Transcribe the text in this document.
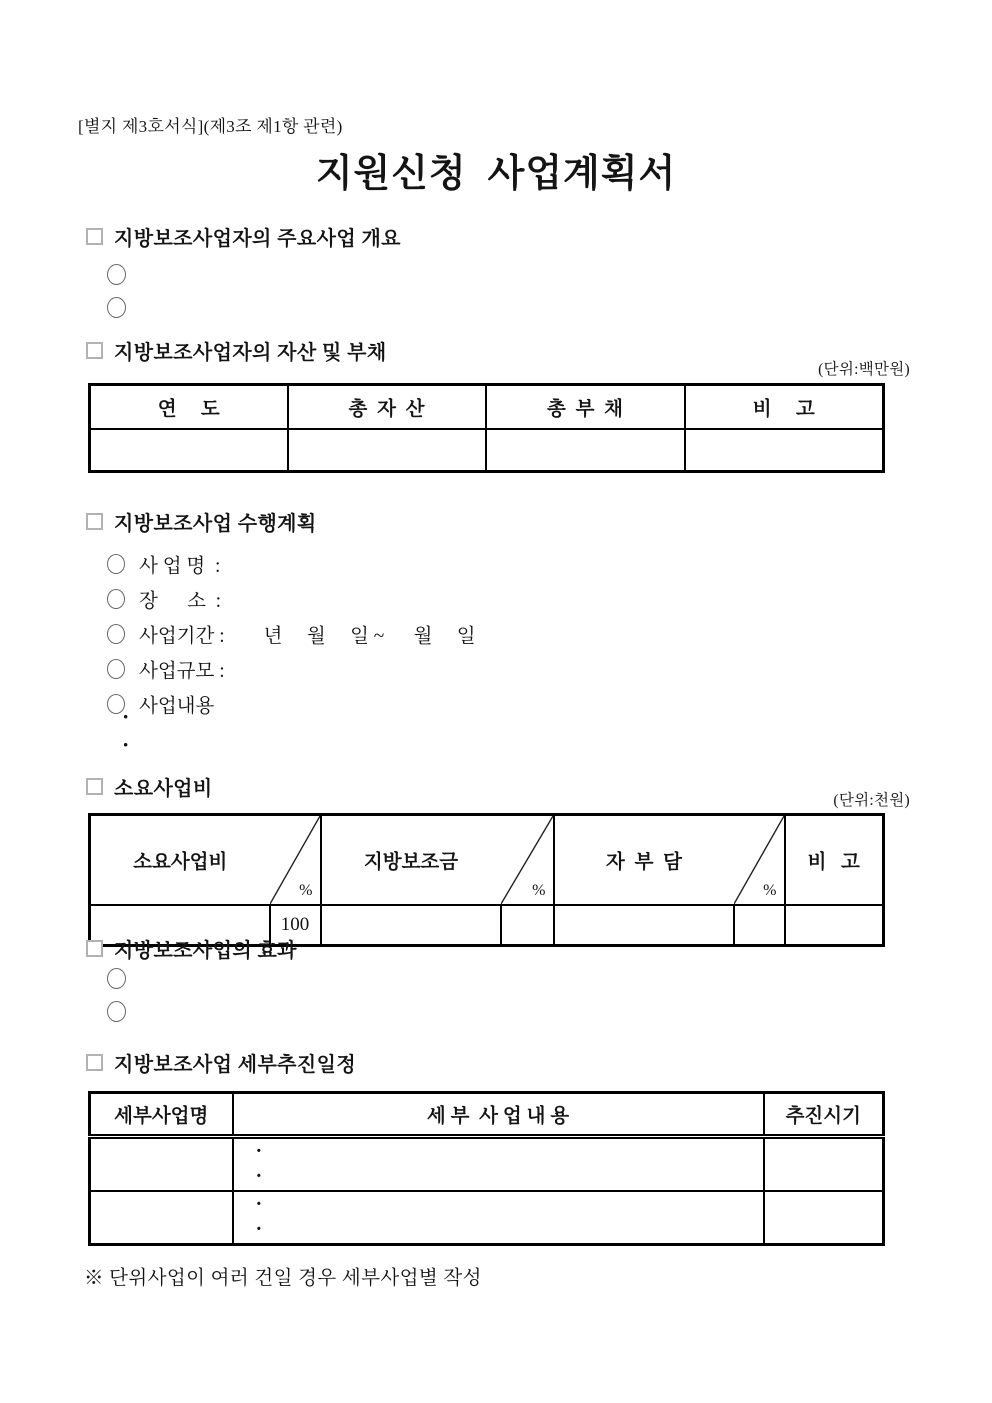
[별지 제3호서식](제3조 제1항 관련)
지원신청  사업계획서
지방보조사업자의 주요사업 개요
지방보조사업자의 자산 및 부채
(단위:백만원)
연     도	총  자  산	총  부  채	비     고

지방보조사업 수행계획
사 업 명  :
장      소  :
사업기간 :        년     월     일 ~      월     일
사업규모 :
사업내용
·
·
소요사업비
(단위:천원)
소요사업비	%	지방보조금	%	자  부  담	%	비   고
	100					
지방보조사업의 효과
지방보조사업 세부추진일정
세부사업명	세 부  사 업 내 용	추진시기

	·
·	

	·
·	

※ 단위사업이 여러 건일 경우 세부사업별 작성
